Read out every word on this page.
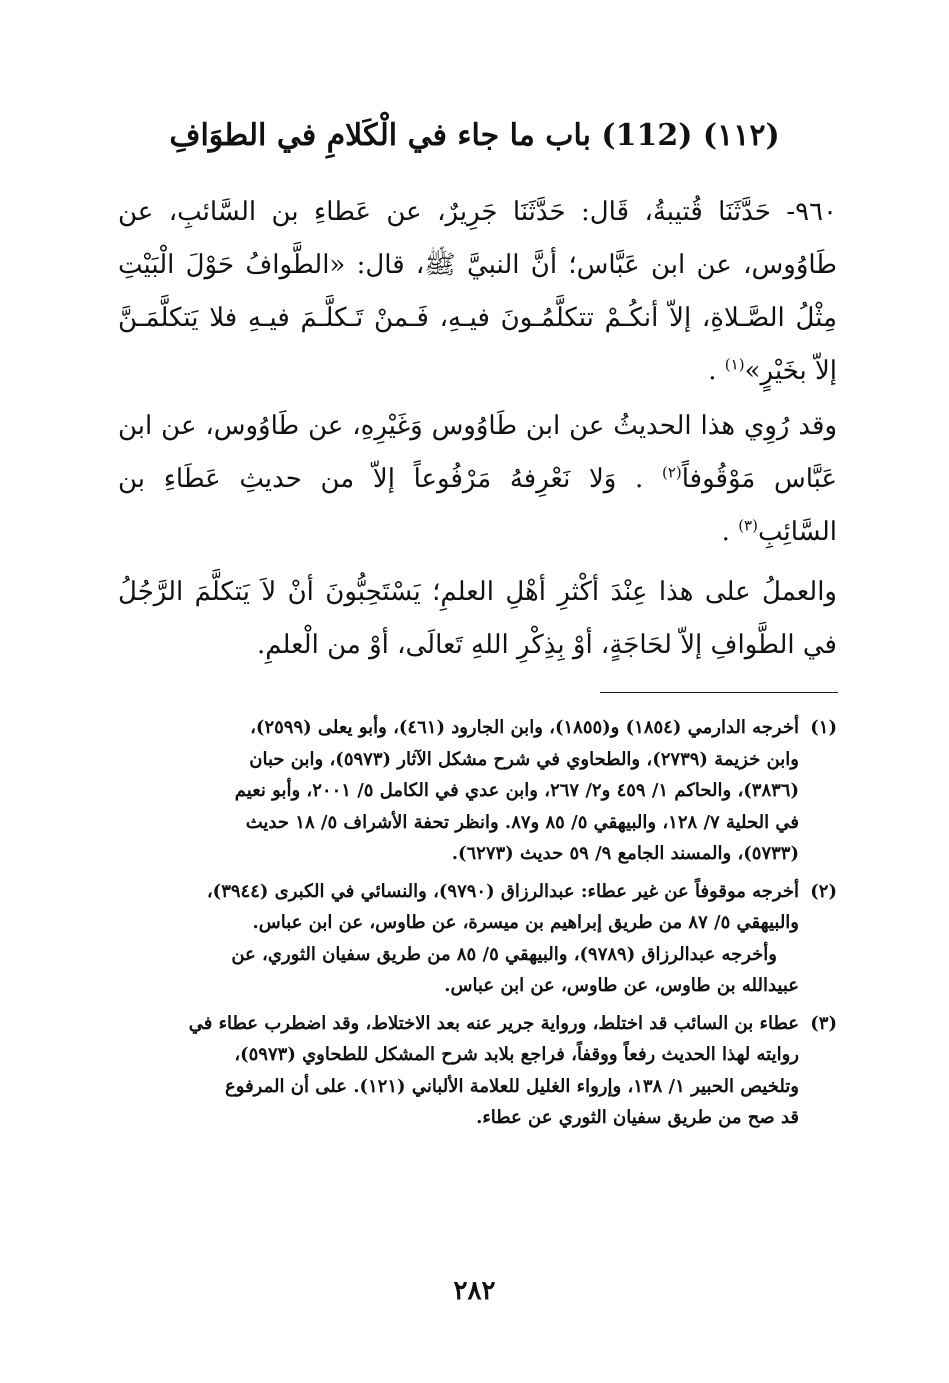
(١١٢) (112) باب ما جاء في الْكَلامِ في الطوَافِ
٩٦٠- حَدَّثَنَا قُتيبةُ، قَال: حَدَّثَنَا جَرِيرٌ، عن عَطاءِ بن السَّائبِ، عن طَاوُوس، عن ابن عَبَّاس؛ أنَّ النبيَّ ﷺ، قال: «الطَّوافُ حَوْلَ الْبَيْتِ مِثْلُ الصَّـلاةِ، إلاّ أنكُـمْ تتكلَّمُـونَ فيـهِ، فَـمنْ تَـكلَّـمَ فيـهِ فلا يَتكلَّمَـنَّ إلاّ بخَيْرٍ»$^{(١)}$ .
وقد رُوِي هذا الحديثُ عن ابن طَاوُوس وَغَيْرِهِ، عن طَاوُوس، عن ابن عَبَّاس مَوْقُوفاً$^{(٢)}$ . وَلا نَعْرِفهُ مَرْفُوعاً إلاّ من حديثِ عَطَاءِ بن السَّائِبِ$^{(٣)}$ .
والعملُ على هذا عِنْدَ أكْثرِ أهْلِ العلمِ؛ يَسْتَحِبُّونَ أنْ لاَ يَتكلَّمَ الرَّجُلُ في الطَّوافِ إلاّ لحَاجَةٍ، أوْ بِذِكْرِ اللهِ تَعالَى، أوْ من الْعلمِ.
(١)
أخرجه الدارمي (١٨٥٤) و(١٨٥٥)، وابن الجارود (٤٦١)، وأبو يعلى (٢٥٩٩)،
وابن خزيمة (٢٧٣٩)، والطحاوي في شرح مشكل الآثار (٥٩٧٣)، وابن حبان
(٣٨٣٦)، والحاكم ١/ ٤٥٩ و٢/ ٢٦٧، وابن عدي في الكامل ٥/ ٢٠٠١، وأبو نعيم
في الحلية ٧/ ١٢٨، والبيهقي ٥/ ٨٥ و٨٧. وانظر تحفة الأشراف ٥/ ١٨ حديث
(٥٧٣٣)، والمسند الجامع ٩/ ٥٩ حديث (٦٢٧٣).
(٢)
أخرجه موقوفاً عن غير عطاء: عبدالرزاق (٩٧٩٠)، والنسائي في الكبرى (٣٩٤٤)،
والبيهقي ٥/ ٨٧ من طريق إبراهيم بن ميسرة، عن طاوس، عن ابن عباس.
وأخرجه عبدالرزاق (٩٧٨٩)، والبيهقي ٥/ ٨٥ من طريق سفيان الثوري، عن
عبيدالله بن طاوس، عن طاوس، عن ابن عباس.
(٣)
عطاء بن السائب قد اختلط، ورواية جرير عنه بعد الاختلاط، وقد اضطرب عطاء في
روايته لهذا الحديث رفعاً ووقفاً، فراجع بلابد شرح المشكل للطحاوي (٥٩٧٣)،
وتلخيص الحبير ١/ ١٣٨، وإرواء الغليل للعلامة الألباني (١٢١). على أن المرفوع
قد صح من طريق سفيان الثوري عن عطاء.
٢٨٢
